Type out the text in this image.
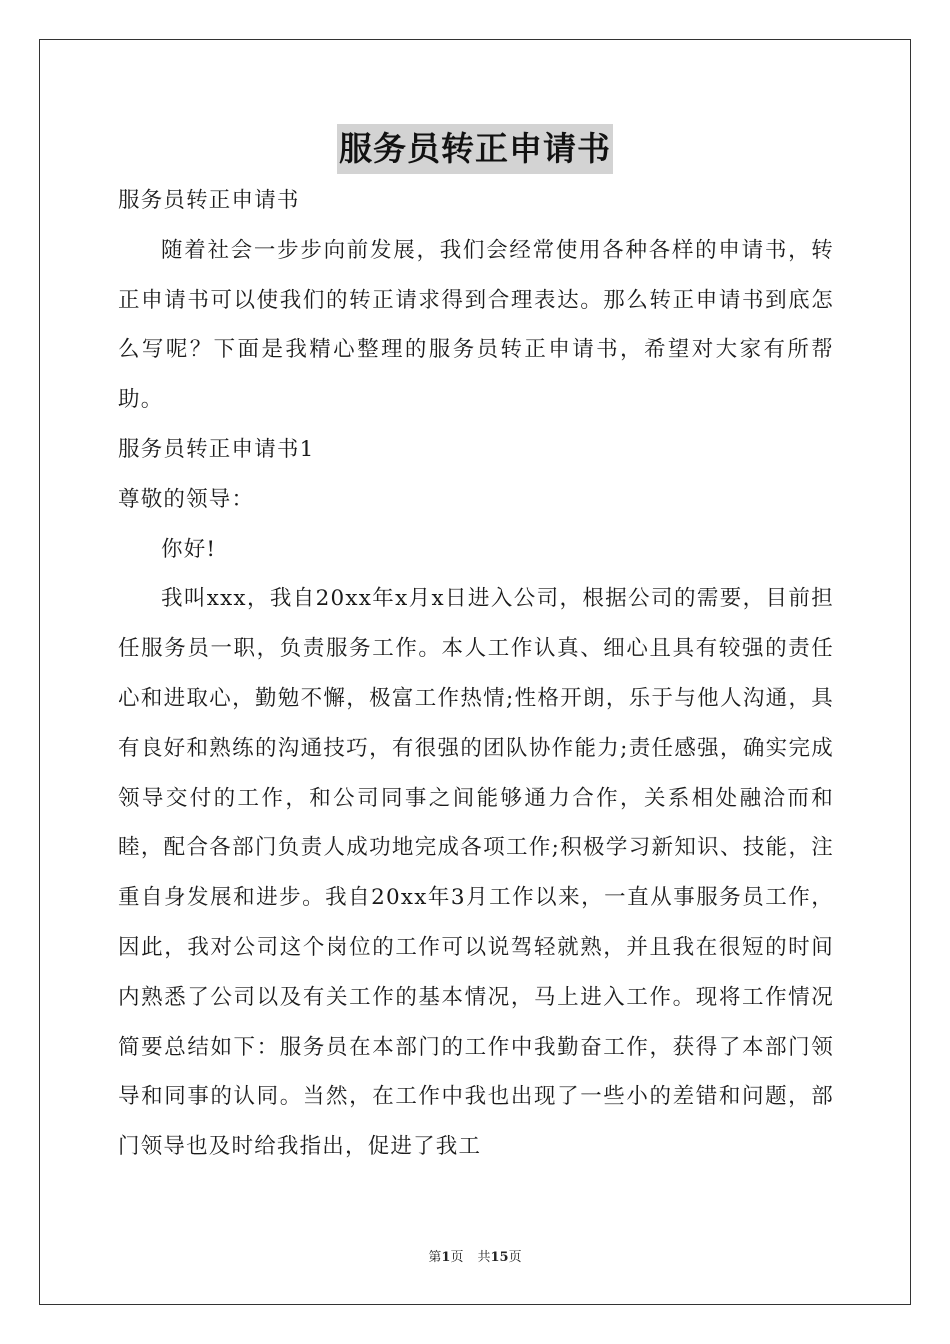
服务员转正申请书

服务员转正申请书

随着社会一步步向前发展，我们会经常使用各种各样的申请书，转正申请书可以使我们的转正请求得到合理表达。那么转正申请书到底怎么写呢？下面是我精心整理的服务员转正申请书，希望对大家有所帮助。

服务员转正申请书1

尊敬的领导：

你好!

我叫xxx，我自20xx年x月x日进入公司，根据公司的需要，目前担任服务员一职，负责服务工作。本人工作认真、细心且具有较强的责任心和进取心，勤勉不懈，极富工作热情;性格开朗，乐于与他人沟通，具有良好和熟练的沟通技巧，有很强的团队协作能力;责任感强，确实完成领导交付的工作，和公司同事之间能够通力合作，关系相处融洽而和睦，配合各部门负责人成功地完成各项工作;积极学习新知识、技能，注重自身发展和进步。我自20xx年3月工作以来，一直从事服务员工作，因此，我对公司这个岗位的工作可以说驾轻就熟，并且我在很短的时间内熟悉了公司以及有关工作的基本情况，马上进入工作。现将工作情况简要总结如下：服务员在本部门的工作中我勤奋工作，获得了本部门领导和同事的认同。当然，在工作中我也出现了一些小的差错和问题，部门领导也及时给我指出，促进了我工

第1页 共15页
